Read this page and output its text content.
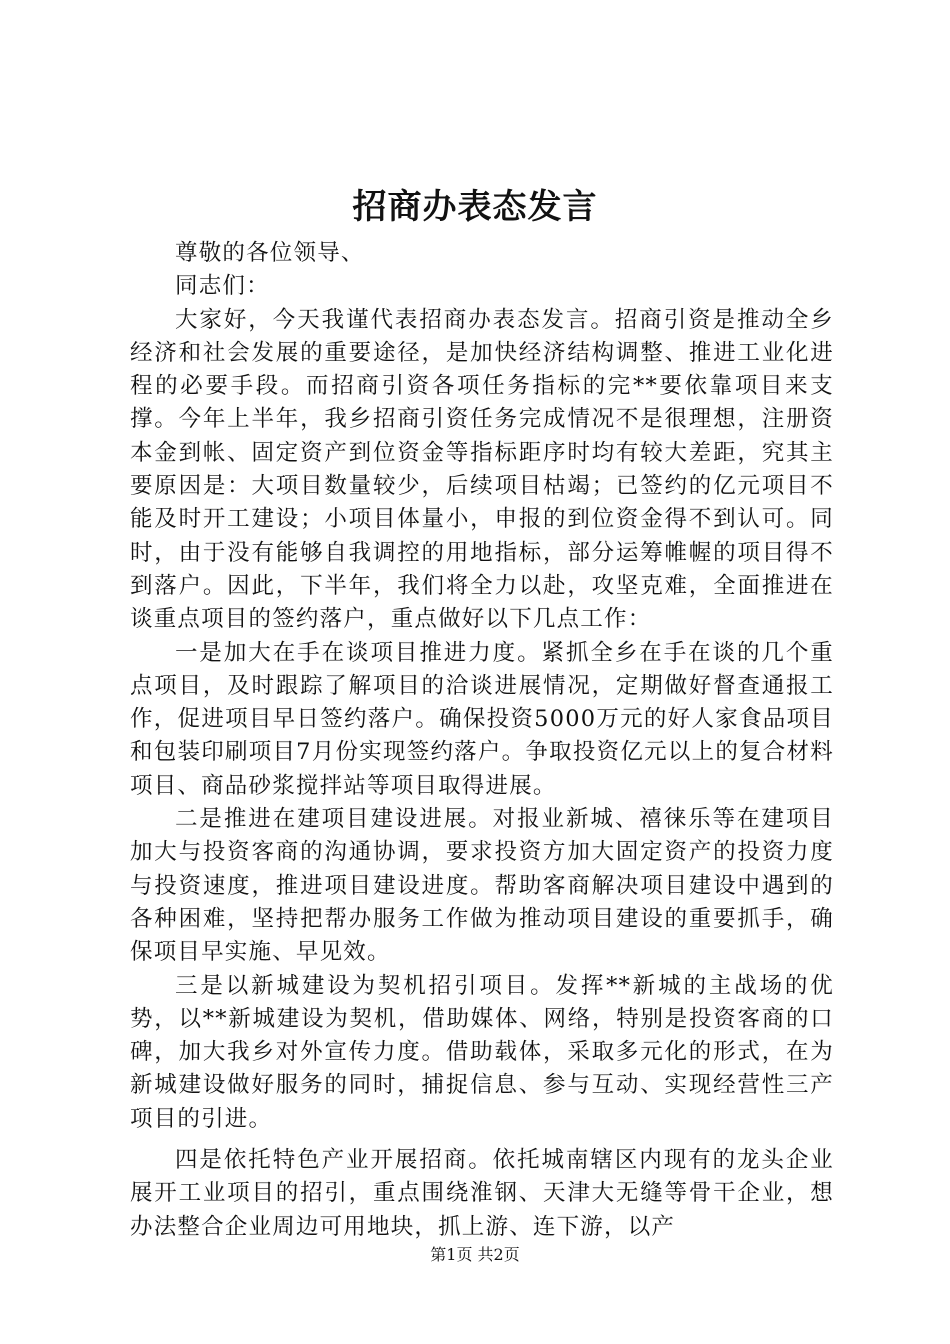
招商办表态发言

尊敬的各位领导、

同志们：

大家好，今天我谨代表招商办表态发言。招商引资是推动全乡经济和社会发展的重要途径，是加快经济结构调整、推进工业化进程的必要手段。而招商引资各项任务指标的完**要依靠项目来支撑。今年上半年，我乡招商引资任务完成情况不是很理想，注册资本金到帐、固定资产到位资金等指标距序时均有较大差距，究其主要原因是：大项目数量较少，后续项目枯竭；已签约的亿元项目不能及时开工建设；小项目体量小，申报的到位资金得不到认可。同时，由于没有能够自我调控的用地指标，部分运筹帷幄的项目得不到落户。因此，下半年，我们将全力以赴，攻坚克难，全面推进在谈重点项目的签约落户，重点做好以下几点工作：

一是加大在手在谈项目推进力度。紧抓全乡在手在谈的几个重点项目，及时跟踪了解项目的洽谈进展情况，定期做好督查通报工作，促进项目早日签约落户。确保投资5000万元的好人家食品项目和包装印刷项目7月份实现签约落户。争取投资亿元以上的复合材料项目、商品砂浆搅拌站等项目取得进展。

二是推进在建项目建设进展。对报业新城、禧徕乐等在建项目加大与投资客商的沟通协调，要求投资方加大固定资产的投资力度与投资速度，推进项目建设进度。帮助客商解决项目建设中遇到的各种困难，坚持把帮办服务工作做为推动项目建设的重要抓手，确保项目早实施、早见效。

三是以新城建设为契机招引项目。发挥**新城的主战场的优势，以**新城建设为契机，借助媒体、网络，特别是投资客商的口碑，加大我乡对外宣传力度。借助载体，采取多元化的形式，在为新城建设做好服务的同时，捕捉信息、参与互动、实现经营性三产项目的引进。

四是依托特色产业开展招商。依托城南辖区内现有的龙头企业展开工业项目的招引，重点围绕淮钢、天津大无缝等骨干企业，想办法整合企业周边可用地块，抓上游、连下游，以产

第1页 共2页
